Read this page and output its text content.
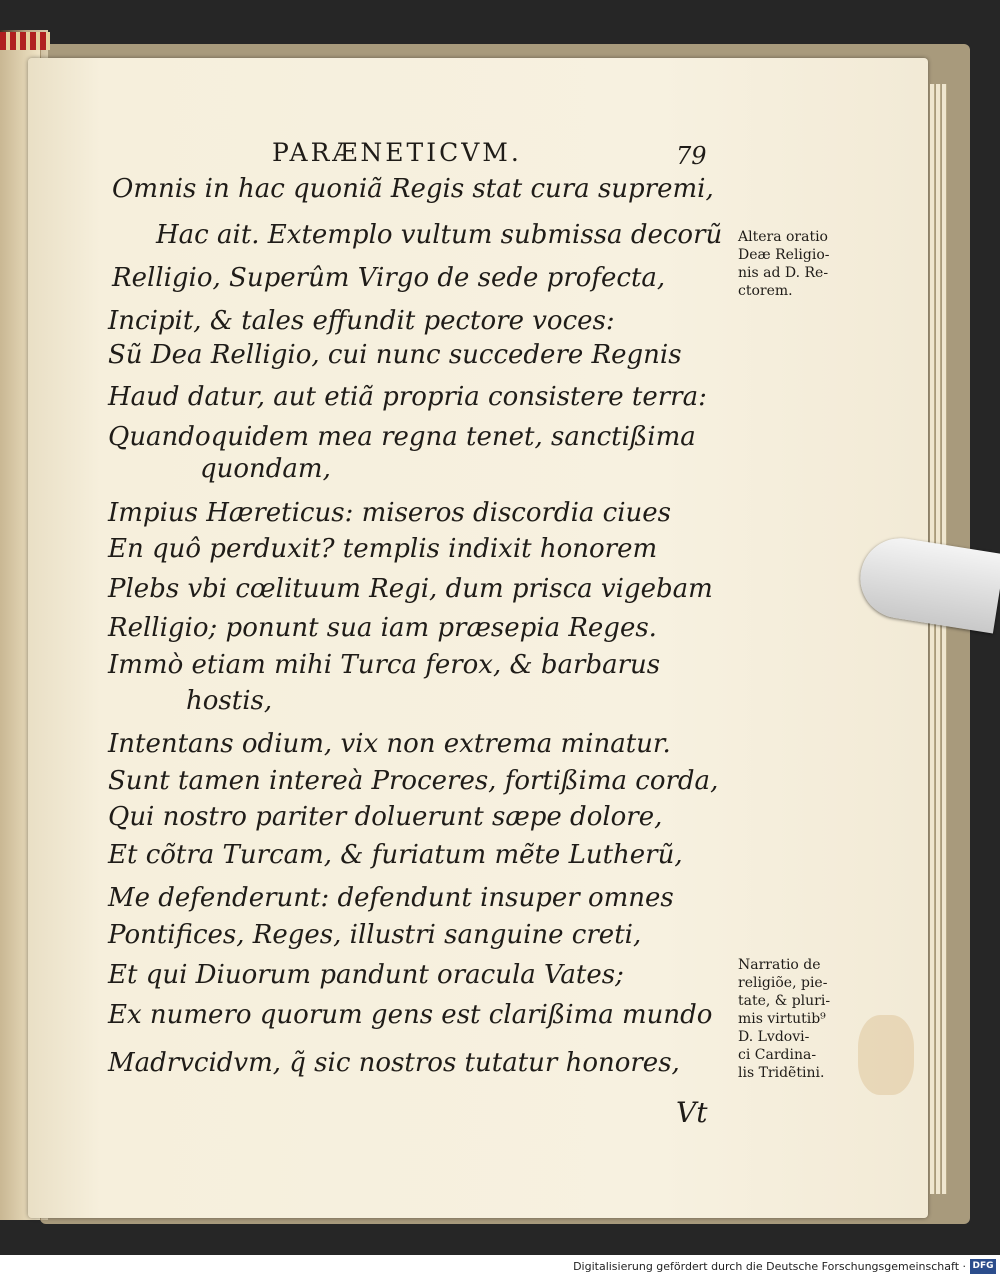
PARÆNETICVM.	79
Omnis in hac quoniã Regis stat cura supremi,
Hac ait. Extemplo vultum submissa decorũ
Relligio, Superûm Virgo de sede profecta,
Incipit, & tales effundit pectore voces:
Sũ Dea Relligio, cui nunc succedere Regnis
Haud datur, aut etiã propria consistere terra:
Quandoquidem mea regna tenet, sanctißima
quondam,
Impius Hæreticus: miseros discordia ciues
En quô perduxit? templis indixit honorem
Plebs vbi cœlituum Regi, dum prisca vigebam
Relligio; ponunt sua iam præsepia Reges.
Immò etiam mihi Turca ferox, & barbarus
hostis,
Intentans odium, vix non extrema minatur.
Sunt tamen intereà Proceres, fortißima corda,
Qui nostro pariter doluerunt sæpe dolore,
Et cõtra Turcam, & furiatum mẽte Lutherũ,
Me defenderunt: defendunt insuper omnes
Pontifices, Reges, illustri sanguine creti,
Et qui Diuorum pandunt oracula Vates;
Ex numero quorum gens est clarißima mundo
Madrvcidvm, q̃ sic nostros tutatur honores,
Vt
Altera oratio
Deæ Religio-
nis ad D. Re-
ctorem.
Narratio de
religiõe, pie-
tate, & pluri-
mis virtutib⁹
D. Lvdovi-
ci Cardina-
lis Tridẽtini.
Digitalisierung gefördert durch die Deutsche Forschungsgemeinschaft · DFG
